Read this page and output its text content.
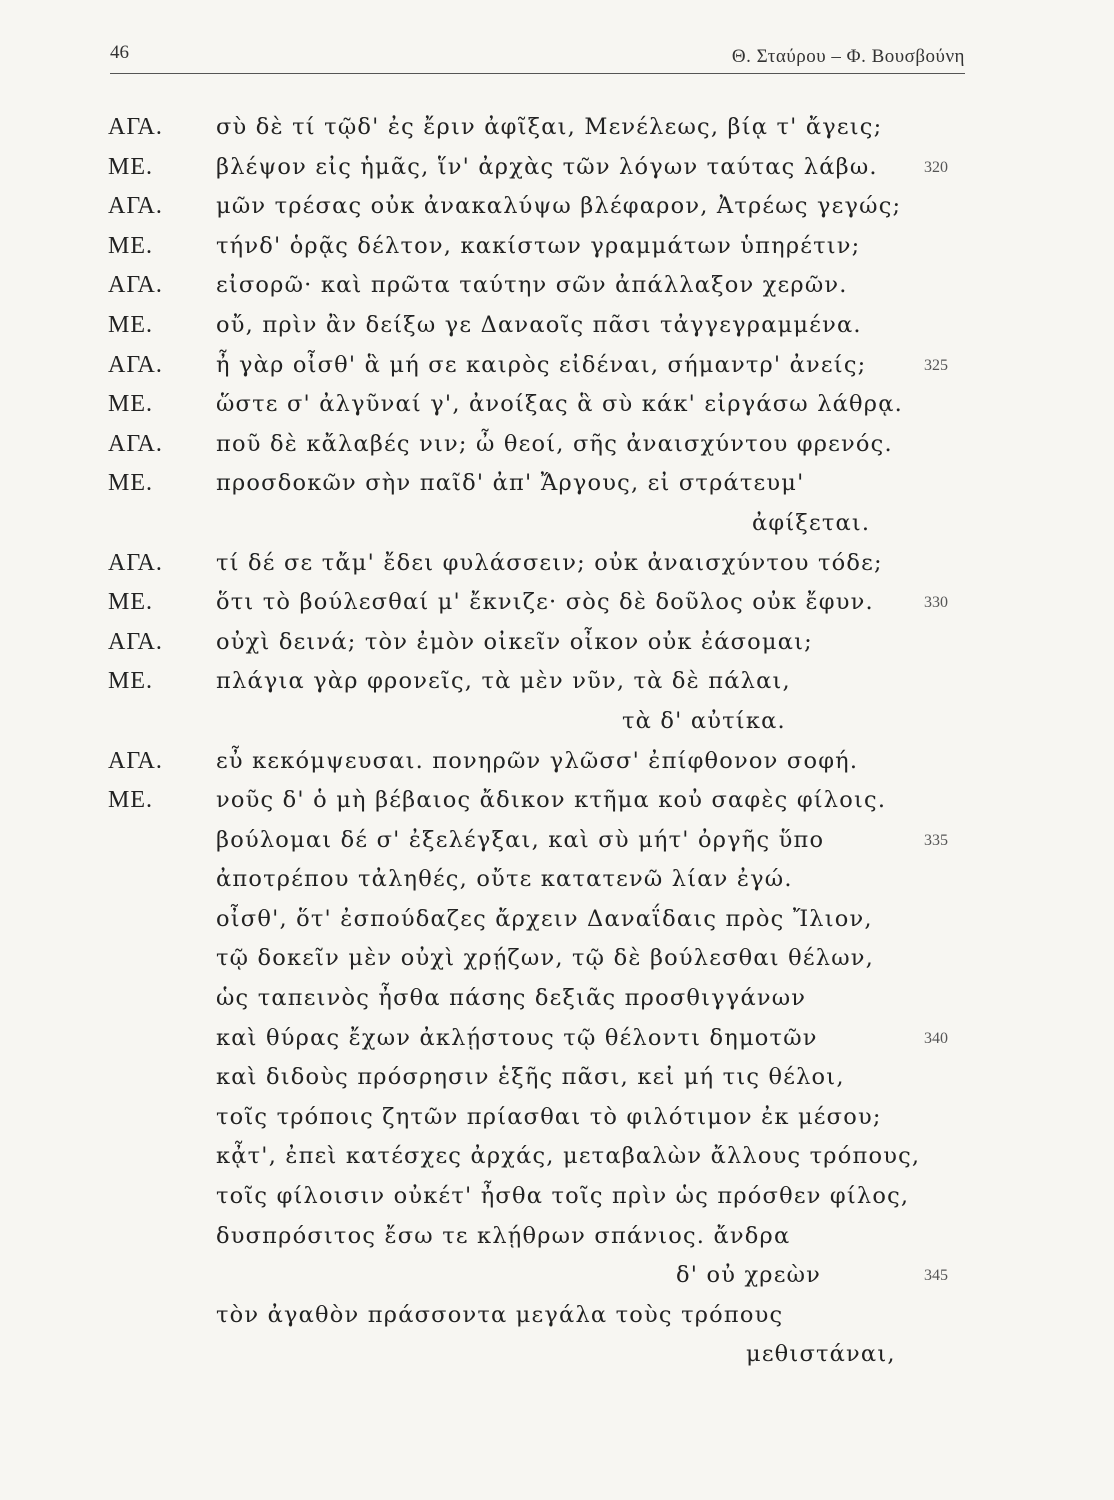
46	Θ. Σταύρου – Φ. Βουσβούνη
ΑΓΑ. σὺ δὲ τί τῷδ' ἐς ἔριν ἀφῖξαι, Μενέλεως, βίᾳ τ' ἄγεις;
ΜΕ.	βλέψον εἰς ἡμᾶς, ἵν' ἀρχὰς τῶν λόγων ταύτας λάβω.	320
ΑΓΑ. μῶν τρέσας οὐκ ἀνακαλύψω βλέφαρον, Ἀτρέως γεγώς;
ΜΕ.	τήνδ' ὁρᾷς δέλτον, κακίστων γραμμάτων ὑπηρέτιν;
ΑΓΑ. εἰσορῶ· καὶ πρῶτα ταύτην σῶν ἀπάλλαξον χερῶν.
ΜΕ.	οὔ, πρὶν ἂν δείξω γε Δαναοῖς πᾶσι τἀγγεγραμμένα.
ΑΓΑ. ἦ γὰρ οἶσθ' ἃ μή σε καιρὸς εἰδέναι, σήμαντρ' ἀνείς;	325
ΜΕ.	ὥστε σ' ἀλγῦναί γ', ἀνοίξας ἃ σὺ κάκ' εἰργάσω λάθρᾳ.
ΑΓΑ. ποῦ δὲ κἄλαβές νιν; ὦ θεοί, σῆς ἀναισχύντου φρενός.
ΜΕ.	προσδοκῶν σὴν παῖδ' ἀπ' Ἄργους, εἰ στράτευμ'
ἀφίξεται.
ΑΓΑ. τί δέ σε τἄμ' ἔδει φυλάσσειν; οὐκ ἀναισχύντου τόδε;
ΜΕ.	ὅτι τὸ βούλεσθαί μ' ἔκνιζε· σὸς δὲ δοῦλος οὐκ ἔφυν.	330
ΑΓΑ. οὐχὶ δεινά; τὸν ἐμὸν οἰκεῖν οἶκον οὐκ ἐάσομαι;
ΜΕ.	πλάγια γὰρ φρονεῖς, τὰ μὲν νῦν, τὰ δὲ πάλαι,
τὰ δ' αὐτίκα.
ΑΓΑ. εὖ κεκόμψευσαι. πονηρῶν γλῶσσ' ἐπίφθονον σοφή.
ΜΕ.	νοῦς δ' ὁ μὴ βέβαιος ἄδικον κτῆμα κοὐ σαφὲς φίλοις.
βούλομαι δέ σ' ἐξελέγξαι, καὶ σὺ μήτ' ὀργῆς ὕπο	335
ἀποτρέπου τἀληθές, οὔτε κατατενῶ λίαν ἐγώ.
οἶσθ', ὅτ' ἐσπούδαζες ἄρχειν Δαναΐδαις πρὸς Ἴλιον,
τῷ δοκεῖν μὲν οὐχὶ χρῄζων, τῷ δὲ βούλεσθαι θέλων,
ὡς ταπεινὸς ἦσθα πάσης δεξιᾶς προσθιγγάνων
καὶ θύρας ἔχων ἀκλῄστους τῷ θέλοντι δημοτῶν	340
καὶ διδοὺς πρόσρησιν ἑξῆς πᾶσι, κεἰ μή τις θέλοι,
τοῖς τρόποις ζητῶν πρίασθαι τὸ φιλότιμον ἐκ μέσου;
κᾆτ', ἐπεὶ κατέσχες ἀρχάς, μεταβαλὼν ἄλλους τρόπους,
τοῖς φίλοισιν οὐκέτ' ἦσθα τοῖς πρὶν ὡς πρόσθεν φίλος,
δυσπρόσιτος ἔσω τε κλῄθρων σπάνιος. ἄνδρα
δ' οὐ χρεὼν	345
τὸν ἀγαθὸν πράσσοντα μεγάλα τοὺς τρόπους
μεθιστάναι,
